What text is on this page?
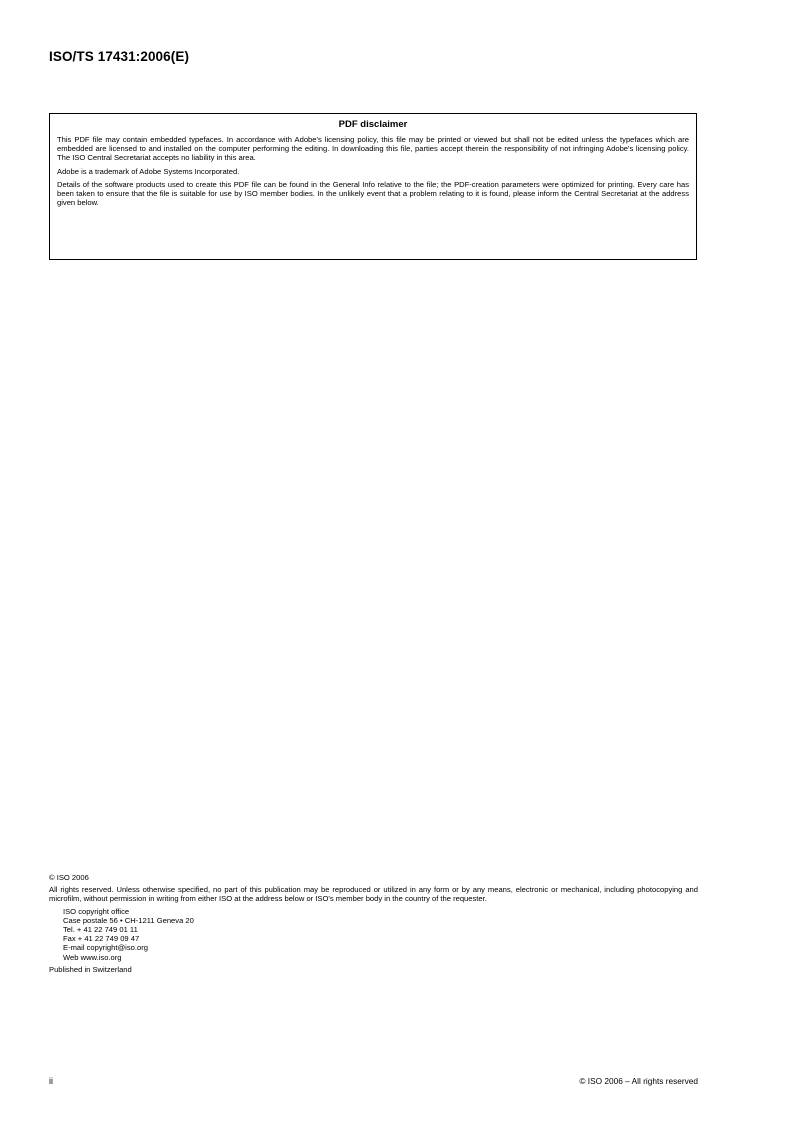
ISO/TS 17431:2006(E)
PDF disclaimer

This PDF file may contain embedded typefaces. In accordance with Adobe's licensing policy, this file may be printed or viewed but shall not be edited unless the typefaces which are embedded are licensed to and installed on the computer performing the editing. In downloading this file, parties accept therein the responsibility of not infringing Adobe's licensing policy. The ISO Central Secretariat accepts no liability in this area.

Adobe is a trademark of Adobe Systems Incorporated.

Details of the software products used to create this PDF file can be found in the General Info relative to the file; the PDF-creation parameters were optimized for printing. Every care has been taken to ensure that the file is suitable for use by ISO member bodies. In the unlikely event that a problem relating to it is found, please inform the Central Secretariat at the address given below.

© ISO 2006
All rights reserved. Unless otherwise specified, no part of this publication may be reproduced or utilized in any form or by any means, electronic or mechanical, including photocopying and microfilm, without permission in writing from either ISO at the address below or ISO's member body in the country of the requester.
ISO copyright office
Case postale 56 • CH-1211 Geneva 20
Tel. + 41 22 749 01 11
Fax + 41 22 749 09 47
E-mail copyright@iso.org
Web www.iso.org
Published in Switzerland
ii	© ISO 2006 – All rights reserved
